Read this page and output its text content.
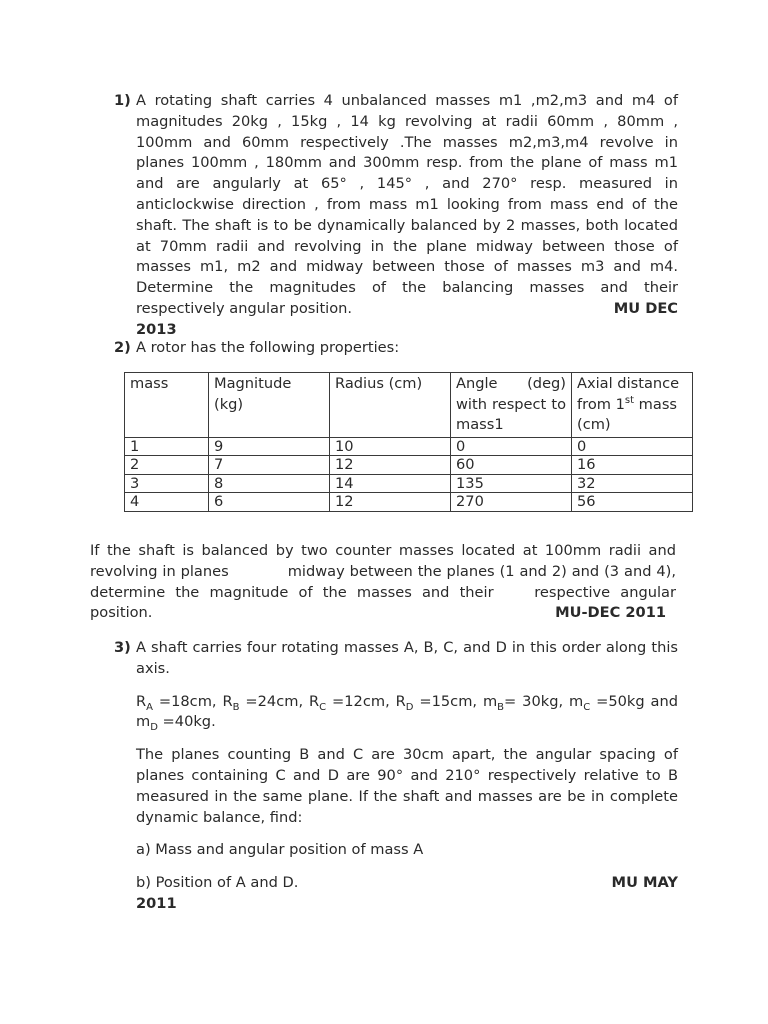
1) A rotating shaft carries 4 unbalanced masses m1 ,m2,m3 and m4 of magnitudes 20kg , 15kg , 14 kg revolving at radii 60mm , 80mm , 100mm and 60mm respectively .The masses m2,m3,m4 revolve in planes 100mm , 180mm and 300mm resp. from the plane of mass m1 and are angularly at 65° , 145° , and 270° resp. measured in anticlockwise direction , from mass m1 looking from mass end of the shaft. The shaft is to be dynamically balanced by 2 masses, both located at 70mm radii and revolving in the plane midway between those of masses m1, m2 and midway between those of masses m3 and m4. Determine the magnitudes of the balancing masses and their respectively angular position.	MU DEC

2013

2) A rotor has the following properties:

mass	Magnitude (kg)	Radius (cm)	Angle (deg) with respect to mass1	Axial distance from 1st mass (cm)
1	9	10	0	0
2	7	12	60	16
3	8	14	135	32
4	6	12	270	56

If the shaft is balanced by two counter masses located at 100mm radii and revolving in planes            midway between the planes (1 and 2) and (3 and 4), determine the magnitude of the masses and their    respective angular position.	MU-DEC 2011

3) A shaft carries four rotating masses A, B, C, and D in this order along this axis.

$R_A =18cm$, $R_B =24cm$, $R_C =12cm$, $R_D =15cm$, $m_B= 30kg$, $m_C =50kg$ and $m_D =40kg$.

The planes counting B and C are 30cm apart, the angular spacing of planes containing C and D are 90° and 210° respectively relative to B measured in the same plane. If the shaft and masses are be in complete dynamic balance, find:

a) Mass and angular position of mass A

b) Position of A and D.	MU MAY

2011
